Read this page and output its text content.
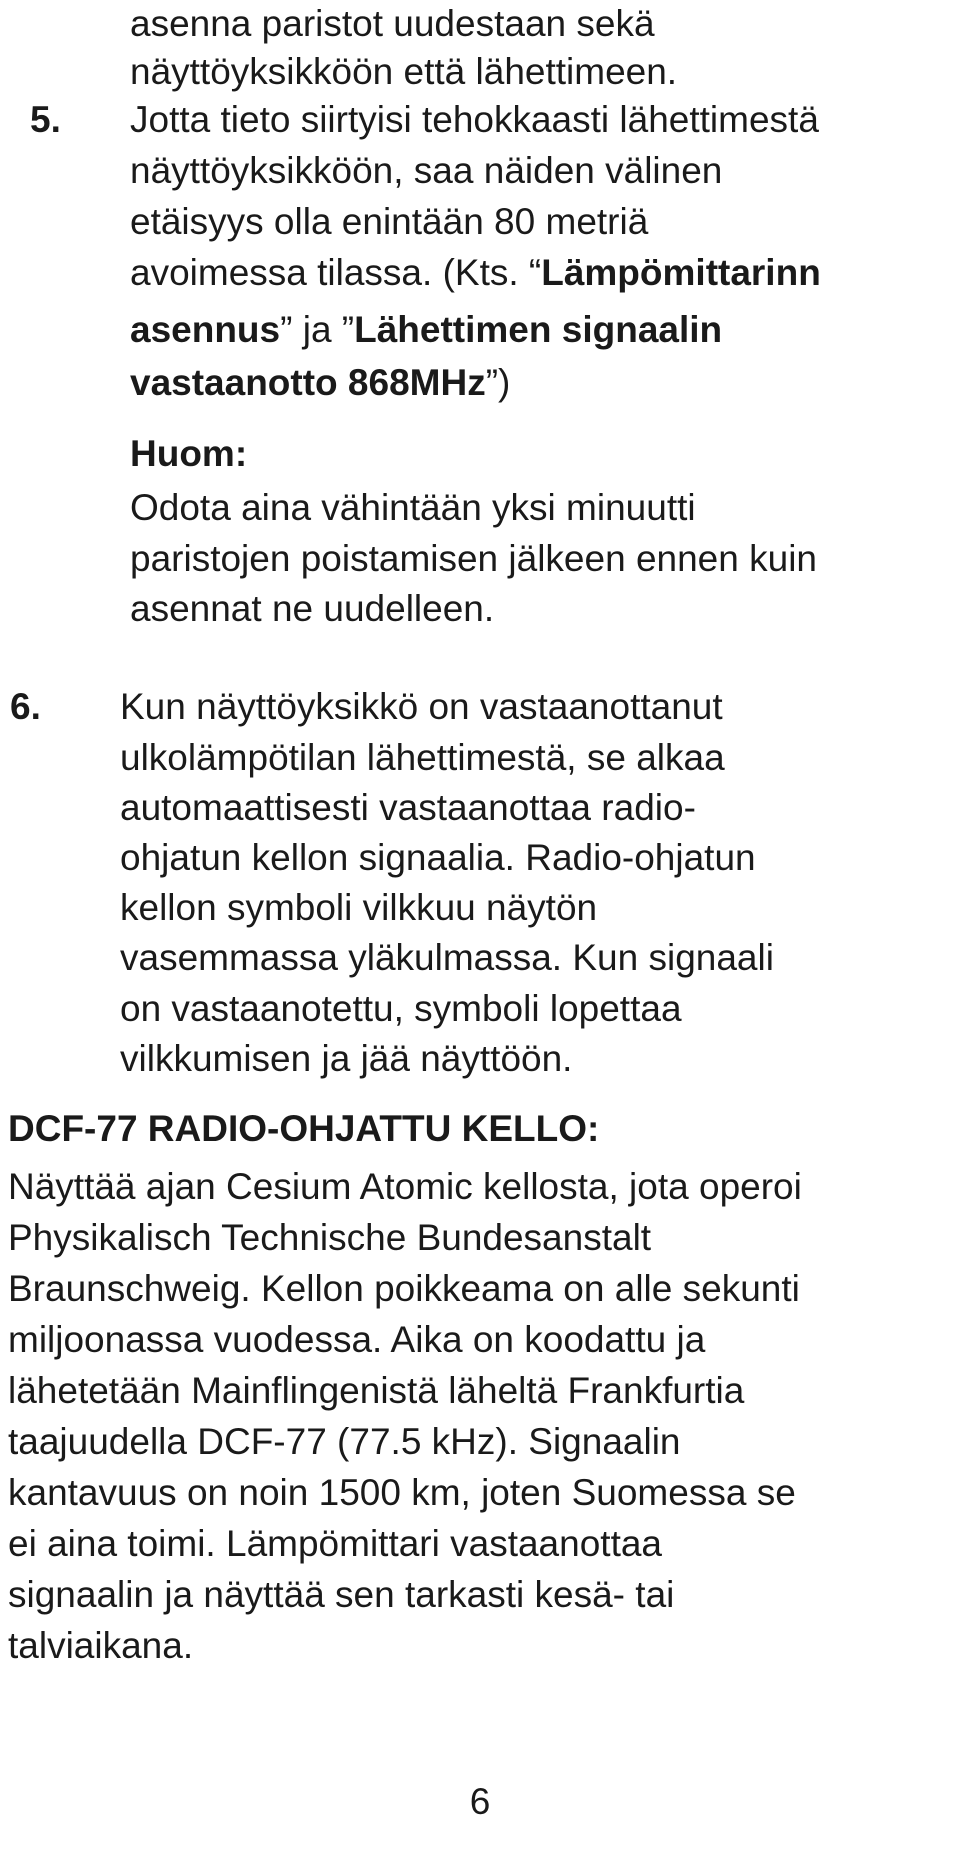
asenna paristot uudestaan sekä
näyttöyksikköön että lähettimeen.
5. Jotta tieto siirtyisi tehokkaasti lähettimestä
näyttöyksikköön, saa näiden välinen
etäisyys olla enintään 80 metriä
avoimessa tilassa. (Kts. “Lämpömittarinn
asennus” ja ”Lähettimen signaalin
vastaanotto 868MHz”)
Huom:
Odota aina vähintään yksi minuutti
paristojen poistamisen jälkeen ennen kuin
asennat ne uudelleen.
6. Kun näyttöyksikkö on vastaanottanut
ulkolämpötilan lähettimestä, se alkaa
automaattisesti vastaanottaa radio-
ohjatun kellon signaalia. Radio-ohjatun
kellon symboli vilkkuu näytön
vasemmassa yläkulmassa. Kun signaali
on vastaanotettu, symboli lopettaa
vilkkumisen ja jää näyttöön.
DCF-77 RADIO-OHJATTU KELLO:
Näyttää ajan Cesium Atomic kellosta, jota operoi
Physikalisch Technische Bundesanstalt
Braunschweig. Kellon poikkeama on alle sekunti
miljoonassa vuodessa. Aika on koodattu ja
lähetetään Mainflingenistä läheltä Frankfurtia
taajuudella DCF-77 (77.5 kHz). Signaalin
kantavuus on noin 1500 km, joten Suomessa se
ei aina toimi. Lämpömittari vastaanottaa
signaalin ja näyttää sen tarkasti kesä- tai
talviaikana.
6
